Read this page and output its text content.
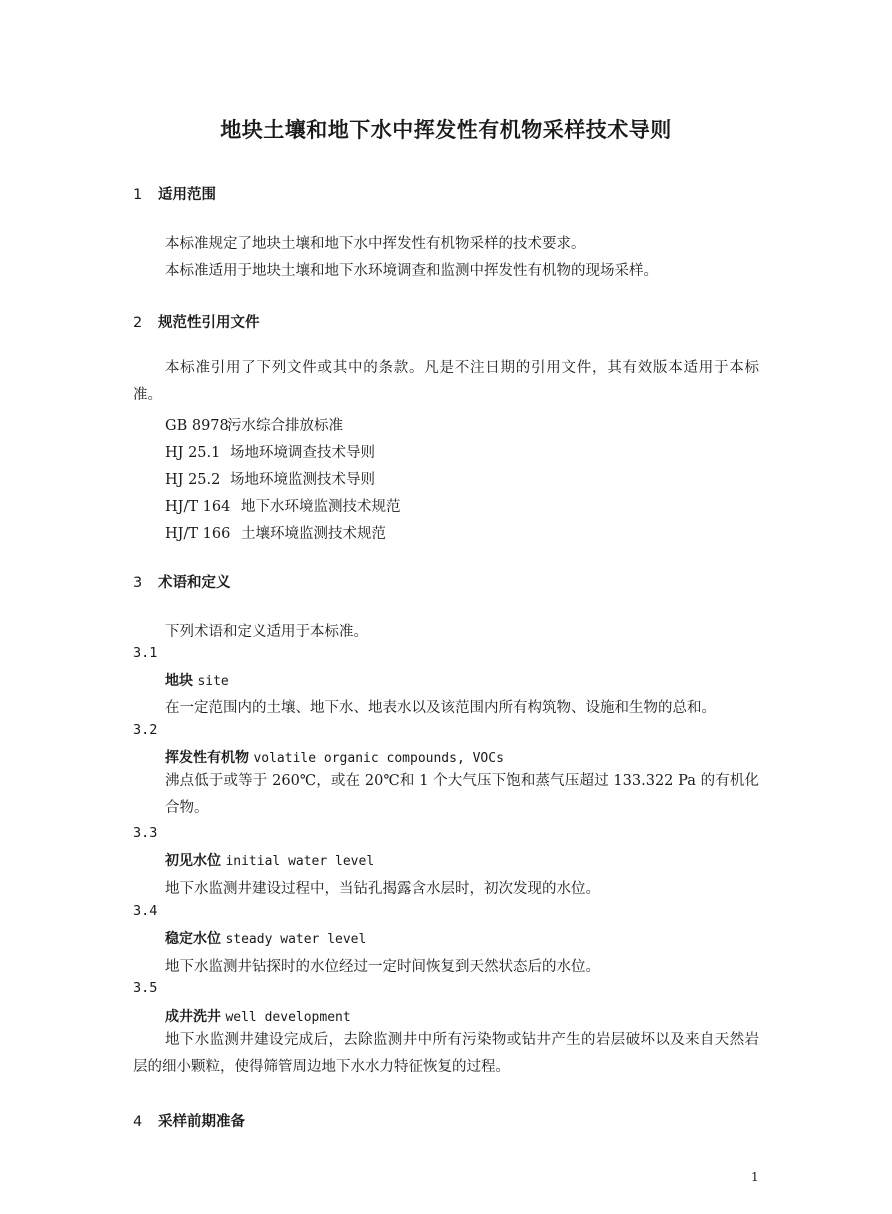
地块土壤和地下水中挥发性有机物采样技术导则
1 适用范围
本标准规定了地块土壤和地下水中挥发性有机物采样的技术要求。
本标准适用于地块土壤和地下水环境调查和监测中挥发性有机物的现场采样。
2 规范性引用文件
本标准引用了下列文件或其中的条款。凡是不注日期的引用文件，其有效版本适用于本标准。
GB 8978污水综合排放标准
HJ 25.1 场地环境调查技术导则
HJ 25.2 场地环境监测技术导则
HJ/T 164 地下水环境监测技术规范
HJ/T 166 土壤环境监测技术规范
3 术语和定义
下列术语和定义适用于本标准。
3.1
地块 site
在一定范围内的土壤、地下水、地表水以及该范围内所有构筑物、设施和生物的总和。
3.2
挥发性有机物 volatile organic compounds, VOCs
沸点低于或等于 260℃，或在 20℃和 1 个大气压下饱和蒸气压超过 133.322 Pa 的有机化合物。
3.3
初见水位 initial water level
地下水监测井建设过程中，当钻孔揭露含水层时，初次发现的水位。
3.4
稳定水位 steady water level
地下水监测井钻探时的水位经过一定时间恢复到天然状态后的水位。
3.5
成井洗井 well development
地下水监测井建设完成后，去除监测井中所有污染物或钻井产生的岩层破坏以及来自天然岩层的细小颗粒，使得筛管周边地下水水力特征恢复的过程。
4 采样前期准备
1
